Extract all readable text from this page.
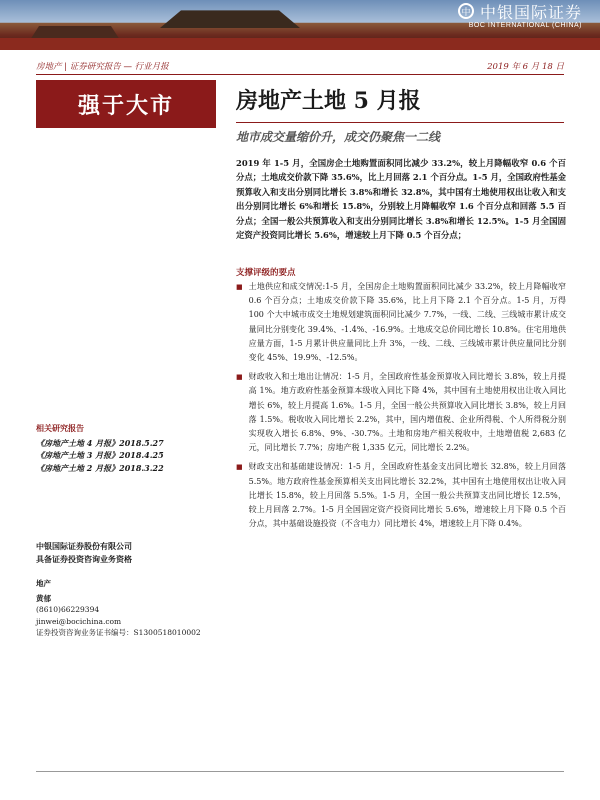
中 中银国际证券
BOC INTERNATIONAL (CHINA)
房地产 | 证券研究报告 — 行业月报	2019 年 6 月 18 日
强于大市	房地产土地 5 月报
地市成交量缩价升，成交仍聚焦一二线
2019 年 1-5 月，全国房企土地购置面积同比减少 33.2%，较上月降幅收窄 0.6 个百分点；土地成交价款下降 35.6%，比上月回落 2.1 个百分点。1-5 月，全国政府性基金预算收入和支出分别同比增长 3.8%和增长 32.8%，其中国有土地使用权出让收入和支出分别同比增长 6%和增长 15.8%，分别较上月降幅收窄 1.6 个百分点和回落 5.5 百分点；全国一般公共预算收入和支出分别同比增长 3.8%和增长 12.5%。1-5 月全国固定资产投资同比增长 5.6%，增速较上月下降 0.5 个百分点；
支撑评级的要点
■ 土地供应和成交情况:1-5 月，全国房企土地购置面积同比减少 33.2%，较上月降幅收窄 0.6 个百分点；土地成交价款下降 35.6%，比上月下降 2.1 个百分点。1-5 月，万得 100 个大中城市成交土地规划建筑面积同比减少 7.7%，一线、二线、三线城市累计成交量同比分别变化 39.4%、-1.4%、-16.9%。土地成交总价同比增长 10.8%。住宅用地供应量方面，1-5 月累计供应量同比上升 3%，一线、二线、三线城市累计供应量同比分别变化 45%、19.9%、-12.5%。

■ 财政收入和土地出让情况：1-5 月，全国政府性基金预算收入同比增长 3.8%，较上月提高 1%。地方政府性基金预算本级收入同比下降 4%，其中国有土地使用权出让收入同比增长 6%，较上月提高 1.6%。1-5 月，全国一般公共预算收入同比增长 3.8%，较上月回落 1.5%。税收收入同比增长 2.2%，其中，国内增值税、企业所得税、个人所得税分别实现收入增长 6.8%、9%、-30.7%。土地和房地产相关税收中，土地增值税 2,683 亿元，同比增长 7.7%；房地产税 1,335 亿元，同比增长 2.2%。

■ 财政支出和基础建设情况：1-5 月，全国政府性基金支出同比增长 32.8%，较上月回落 5.5%。地方政府性基金预算相关支出同比增长 32.2%，其中国有土地使用权出让收入同比增长 15.8%，较上月回落 5.5%。1-5 月，全国一般公共预算支出同比增长 12.5%，较上月回落 2.7%。1-5 月全国固定资产投资同比增长 5.6%，增速较上月下降 0.5 个百分点，其中基础设施投资（不含电力）同比增长 4%，增速较上月下降 0.4%。

相关研究报告
《房地产土地 4 月报》2018.5.27
《房地产土地 3 月报》2018.4.25
《房地产土地 2 月报》2018.3.22
中银国际证券股份有限公司
具备证券投资咨询业务资格
地产
黄郁
(8610)66229394
jinwei@bocichina.com
证券投资咨询业务证书编号：S1300518010002
